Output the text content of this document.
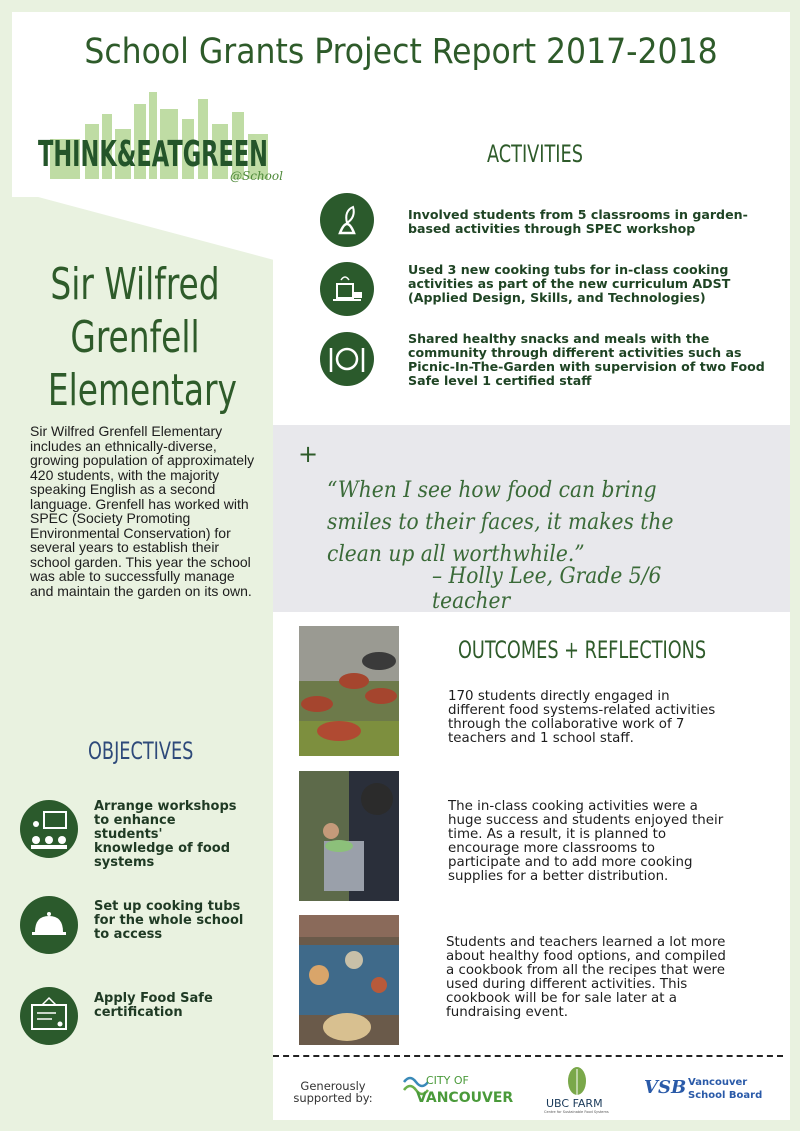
School Grants Project Report 2017-2018
THINK&EATGREEN
@School
ACTIVITIES
Involved students from 5 classrooms in garden-based activities through SPEC workshop
Used 3 new cooking tubs for in-class cooking activities as part of the new curriculum ADST (Applied Design, Skills, and Technologies)
Shared healthy snacks and meals with the community through different activities such as Picnic-In-The-Garden with supervision of two Food Safe level 1 certified staff
Sir Wilfred Grenfell Elementary
Sir Wilfred Grenfell Elementary includes an ethnically-diverse, growing population of approximately 420 students, with the majority speaking English as a second language. Grenfell has worked with SPEC (Society Promoting Environmental Conservation) for several years to establish their school garden. This year the school was able to successfully manage and maintain the garden on its own.
+
“When I see how food can bring smiles to their faces, it makes the clean up all worthwhile.”
– Holly Lee, Grade 5/6 teacher
OUTCOMES + REFLECTIONS
170 students directly engaged in different food systems-related activities through the collaborative work of 7 teachers and 1 school staff.
The in-class cooking activities were a huge success and students enjoyed their time. As a result, it is planned to encourage more classrooms to participate and to add more cooking supplies for a better distribution.
Students and teachers learned a lot more about healthy food options, and compiled a cookbook from all the recipes that were used during different activities. This cookbook will be for sale later at a fundraising event.
OBJECTIVES
Arrange workshops to enhance students' knowledge of food systems
Set up cooking tubs for the whole school to access
Apply Food Safe certification
Generously supported by:
CITY OF
VANCOUVER	UBC FARM
Centre for Sustainable Food Systems
VSB Vancouver
School Board
